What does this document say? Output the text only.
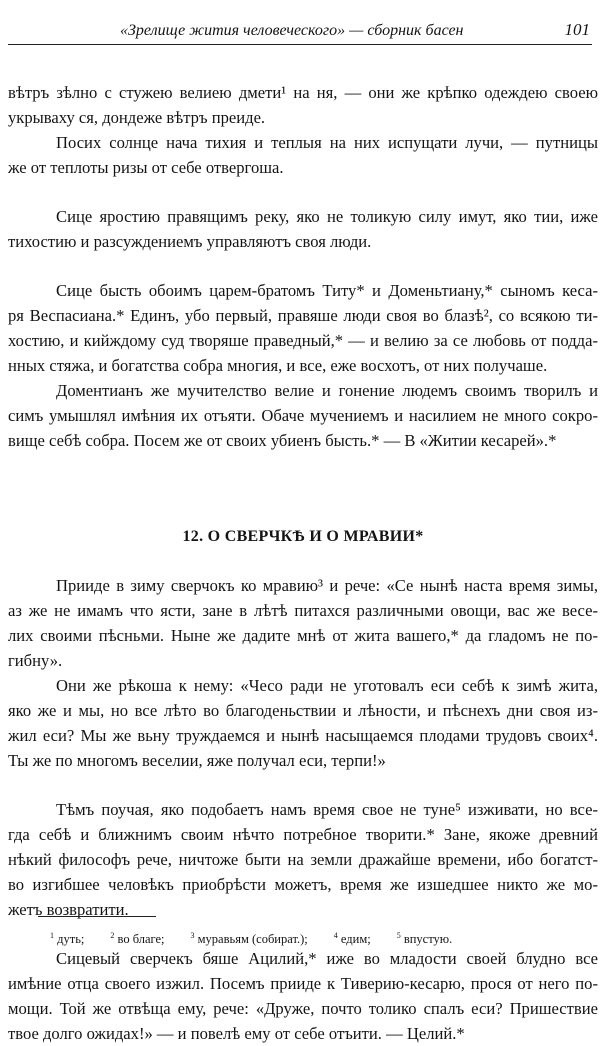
«Зрелище жития человеческого» — сборник басен	101

вѣтръ зѣлно с стужею велиею дмети¹ на ня, — они же крѣпко одеждею своею
укрываху ся, дондеже вѣтръ преиде.

Посих солнце нача тихия и теплыя на них испущати лучи, — путницы
же от теплоты ризы от себе отвергоша.

Сице яростию правящимъ реку, яко не толикую силу имут, яко тии, иже
тихостию и разсуждениемъ управляютъ своя люди.

Сице бысть обоимъ царем-братомъ Титу* и Доменьтиану,* сыномъ кеса-
ря Веспасиана.* Единъ, убо первый, правяше люди своя во блазѣ², со всякою ти-
хостию, и кийждому суд творяше праведный,* — и велию за се любовь от подда-
нных стяжа, и богатства собра многия, и все, еже восхотъ, от них получаше.

Доментианъ же мучителство велие и гонение людемъ своимъ творилъ и
симъ умышлял имѣния их отъяти. Обаче мучениемъ и насилием не много сокро-
вище себѣ собра. Посем же от своих убиенъ бысть.* — В «Житии кесарей».*

12. О СВЕРЧКѢ И О МРАВИИ*

Прииде в зиму сверчокъ ко мравию³ и рече: «Се нынѣ наста время зимы,
аз же не имамъ что ясти, зане в лѣтѣ питахся различными овощи, вас же весе-
лих своими пѣсньми. Ныне же дадите мнѣ от жита вашего,* да гладомъ не по-
гибну».

Они же рѣкоша к нему: «Чесо ради не уготовалъ еси себѣ к зимѣ жита,
яко же и мы, но все лѣто во благоденьствии и лѣности, и пѣснехъ дни своя из-
жил еси? Мы же вьну труждаемся и нынѣ насыщаемся плодами трудовъ своих⁴.
Ты же по многомъ веселии, яже получал еси, терпи!»

Тѣмъ поучая, яко подобаетъ намъ время свое не туне⁵ изживати, но все-
гда себѣ и ближнимъ своим нѣчто потребное творити.* Зане, якоже древний
нѣкий философъ рече, ничтоже быти на земли дражайше времени, ибо богатст-
во изгибшее человѣкъ приобрѣсти можетъ, время же изшедшее никто же мо-
жетъ возвратити.

Сицевый сверчекъ бяше Ацилий,* иже во младости своей блудно все
имѣние отца своего изжил. Посемъ прииде к Тиверию-кесарю, прося от него по-
мощи. Той же отвѣща ему, рече: «Друже, почто толико спалъ еси? Пришествие
твое долго ожидах!» — и повелѣ ему от себе отъити. — Целий.*

$^1$ дуть;	$^2$ во благе;	$^3$ муравьям (собират.);	$^4$ едим;	$^5$ впустую.
